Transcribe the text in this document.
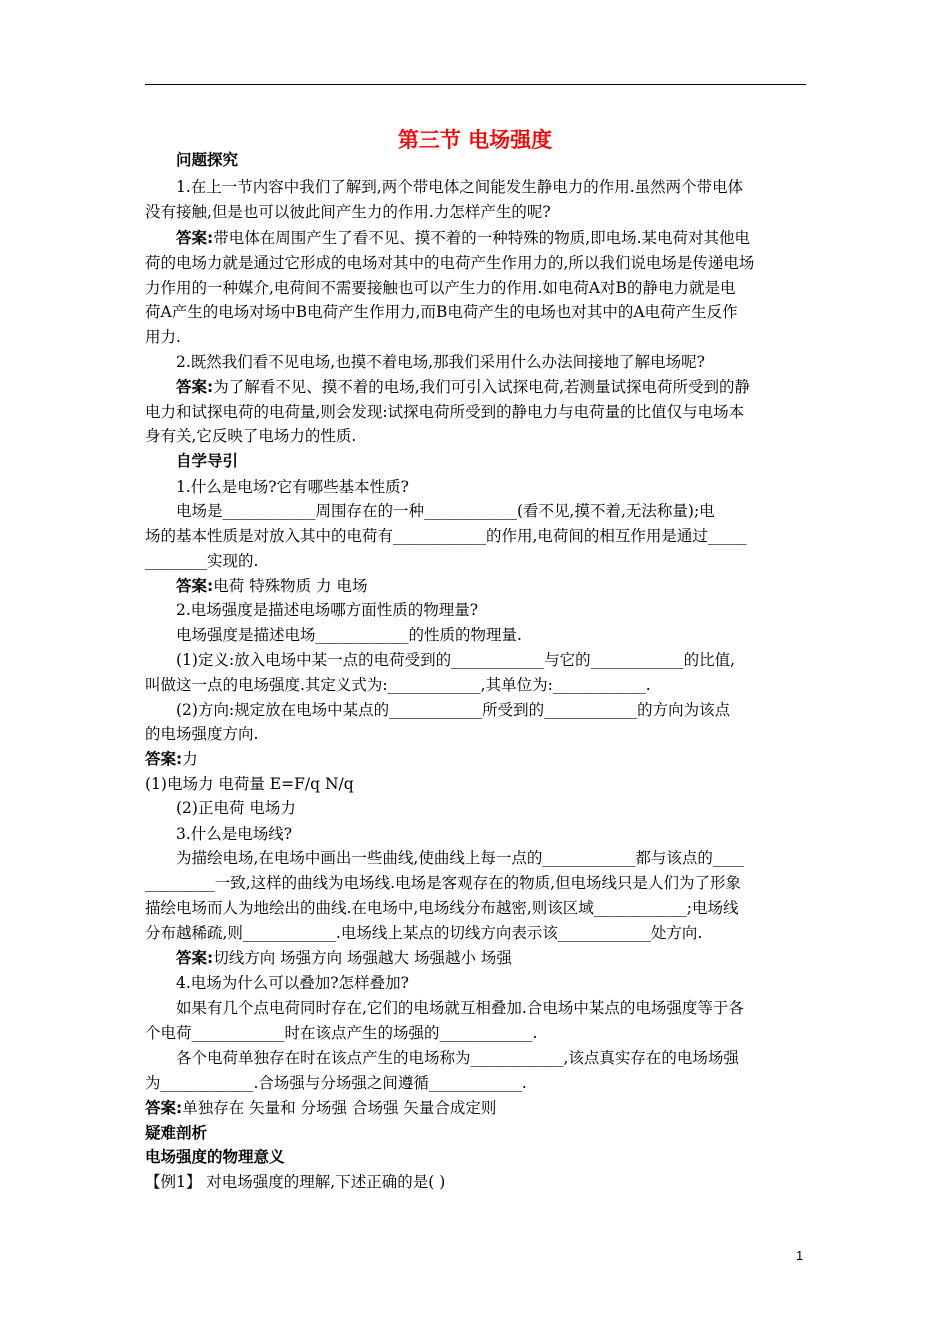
第三节 电场强度
问题探究
1.在上一节内容中我们了解到,两个带电体之间能发生静电力的作用.虽然两个带电体
没有接触,但是也可以彼此间产生力的作用.力怎样产生的呢?
答案:带电体在周围产生了看不见、摸不着的一种特殊的物质,即电场.某电荷对其他电
荷的电场力就是通过它形成的电场对其中的电荷产生作用力的,所以我们说电场是传递电场
力作用的一种媒介,电荷间不需要接触也可以产生力的作用.如电荷A对B的静电力就是电
荷A产生的电场对场中B电荷产生作用力,而B电荷产生的电场也对其中的A电荷产生反作
用力.
2.既然我们看不见电场,也摸不着电场,那我们采用什么办法间接地了解电场呢?
答案:为了解看不见、摸不着的电场,我们可引入试探电荷,若测量试探电荷所受到的静
电力和试探电荷的电荷量,则会发现:试探电荷所受到的静电力与电荷量的比值仅与电场本
身有关,它反映了电场力的性质.
自学导引
1.什么是电场?它有哪些基本性质?
电场是____________周围存在的一种____________(看不见,摸不着,无法称量);电
场的基本性质是对放入其中的电荷有____________的作用,电荷间的相互作用是通过_____
________实现的.
答案:电荷 特殊物质 力 电场
2.电场强度是描述电场哪方面性质的物理量?
电场强度是描述电场____________的性质的物理量.
(1)定义:放入电场中某一点的电荷受到的____________与它的____________的比值,
叫做这一点的电场强度.其定义式为:____________,其单位为:____________.
(2)方向:规定放在电场中某点的____________所受到的____________的方向为该点
的电场强度方向.
答案:力
(1)电场力 电荷量 E=F/q N/q
(2)正电荷 电场力
3.什么是电场线?
为描绘电场,在电场中画出一些曲线,使曲线上每一点的____________都与该点的____
_________一致,这样的曲线为电场线.电场是客观存在的物质,但电场线只是人们为了形象
描绘电场而人为地绘出的曲线.在电场中,电场线分布越密,则该区域____________;电场线
分布越稀疏,则____________.电场线上某点的切线方向表示该____________处方向.
答案:切线方向 场强方向 场强越大 场强越小 场强
4.电场为什么可以叠加?怎样叠加?
如果有几个点电荷同时存在,它们的电场就互相叠加.合电场中某点的电场强度等于各
个电荷____________时在该点产生的场强的____________.
各个电荷单独存在时在该点产生的电场称为____________,该点真实存在的电场场强
为____________.合场强与分场强之间遵循____________.
答案:单独存在 矢量和 分场强 合场强 矢量合成定则
疑难剖析
电场强度的物理意义
【例1】 对电场强度的理解,下述正确的是( )
1
